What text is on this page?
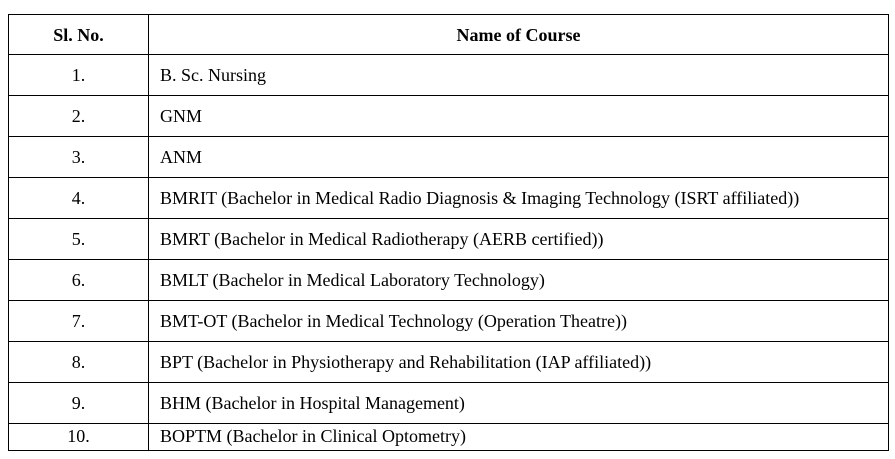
Sl. No.	Name of Course
1.	B. Sc. Nursing
2.	GNM
3.	ANM
4.	BMRIT (Bachelor in Medical Radio Diagnosis & Imaging Technology (ISRT affiliated))
5.	BMRT (Bachelor in Medical Radiotherapy (AERB certified))
6.	BMLT (Bachelor in Medical Laboratory Technology)
7.	BMT-OT (Bachelor in Medical Technology (Operation Theatre))
8.	BPT (Bachelor in Physiotherapy and Rehabilitation (IAP affiliated))
9.	BHM (Bachelor in Hospital Management)
10.	BOPTM (Bachelor in Clinical Optometry)
